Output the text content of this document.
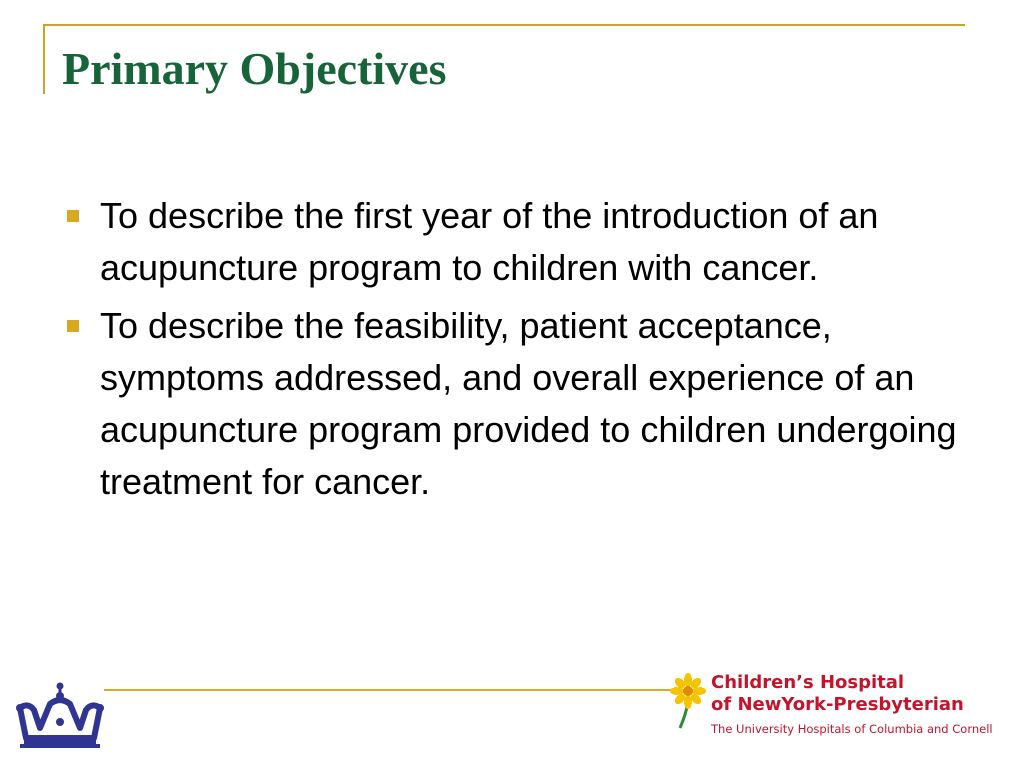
Primary Objectives
To describe the first year of the introduction of an acupuncture program to children with cancer.
To describe the feasibility, patient acceptance, symptoms addressed, and overall experience of an acupuncture program provided to children undergoing treatment for cancer.
Children’s Hospital
of NewYork-Presbyterian
The University Hospitals of Columbia and Cornell
